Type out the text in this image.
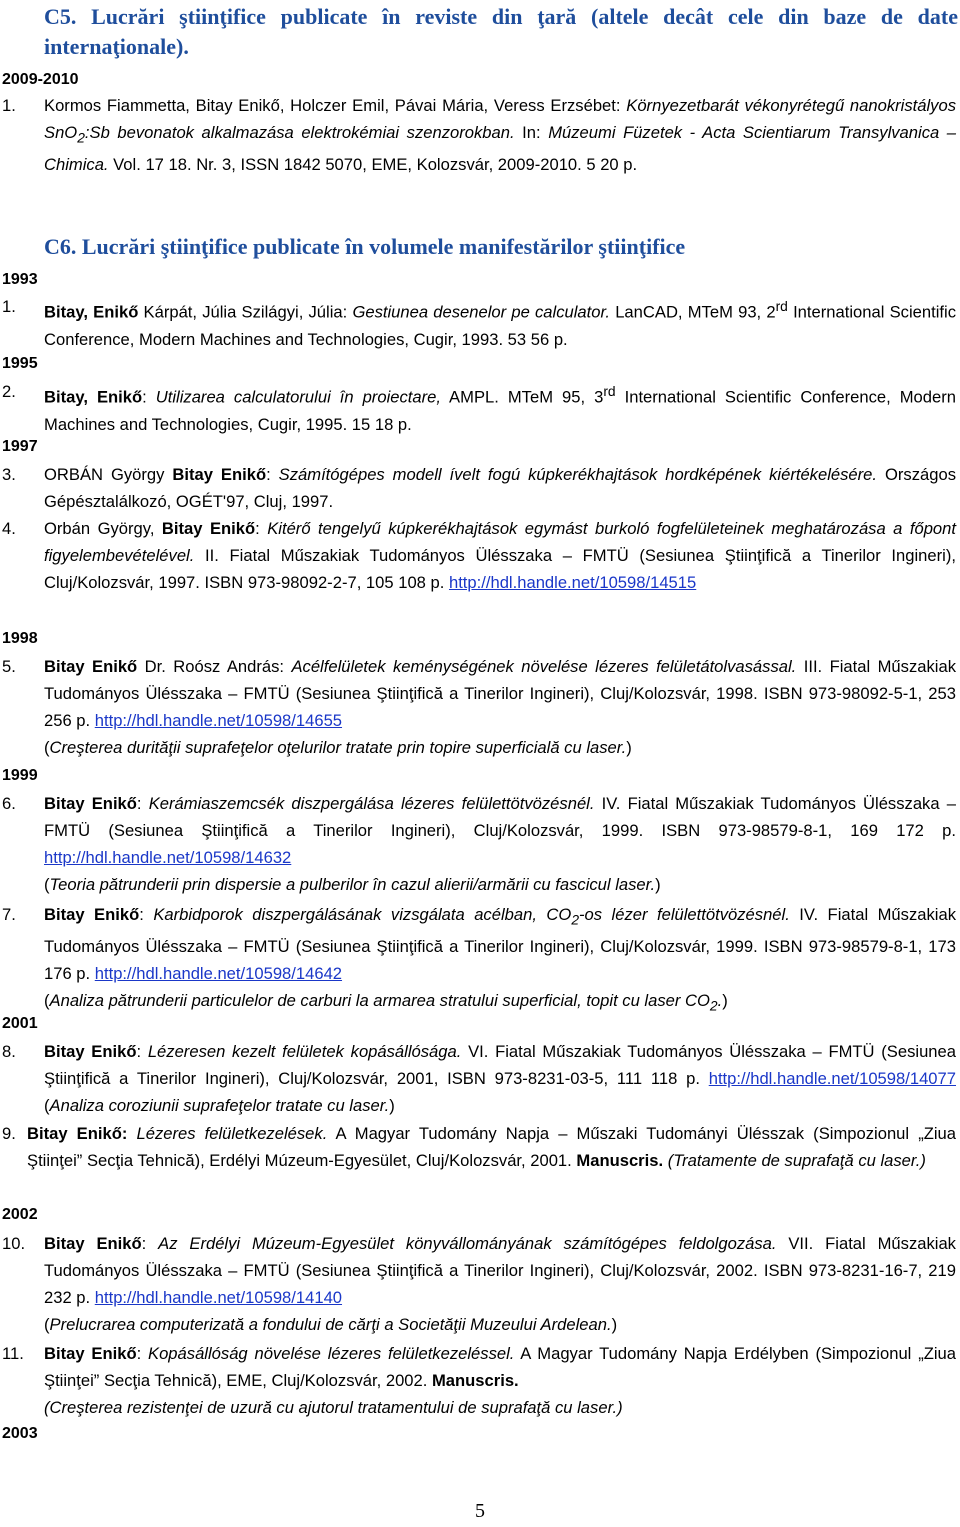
C5. Lucrări ştiinţifice publicate în reviste din ţară (altele decât cele din baze de date internaţionale).

2009-2010

1. Kormos Fiammetta, Bitay Enikő, Holczer Emil, Pávai Mária, Veress Erzsébet: Környezetbarát vékonyrétegű nanokristályos SnO$_2$:Sb bevonatok alkalmazása elektrokémiai szenzorokban. In: Múzeumi Füzetek - Acta Scientiarum Transylvanica – Chimica. Vol. 17 18. Nr. 3, ISSN 1842 5070, EME, Kolozsvár, 2009-2010. 5 20 p.
C6. Lucrări ştiinţifice publicate în volumele manifestărilor ştiinţifice

1993

1. Bitay, Enikő Kárpát, Júlia Szilágyi, Júlia: Gestiunea desenelor pe calculator. LanCAD, MTeM 93, 2rd International Scientific Conference, Modern Machines and Technologies, Cugir, 1993. 53 56 p.

1995

2. Bitay, Enikő: Utilizarea calculatorului în proiectare, AMPL. MTeM 95, 3rd International Scientific Conference, Modern Machines and Technologies, Cugir, 1995. 15 18 p.

1997

3. ORBÁN György Bitay Enikő: Számítógépes modell ívelt fogú kúpkerékhajtások hordképének kiértékelésére. Országos Gépésztalálkozó, OGÉT'97, Cluj, 1997.
4. Orbán György, Bitay Enikő: Kitérő tengelyű kúpkerékhajtások egymást burkoló fogfelületeinek meghatározása a főpont figyelembevételével. II. Fiatal Műszakiak Tudományos Ülésszaka – FMTÜ (Sesiunea Ştiinţifică a Tinerilor Ingineri), Cluj/Kolozsvár, 1997. ISBN 973-98092-2-7, 105 108 p. http://hdl.handle.net/10598/14515

1998

5. Bitay Enikő Dr. Roósz András: Acélfelületek keménységének növelése lézeres felületátolvasással. III. Fiatal Műszakiak Tudományos Ülésszaka – FMTÜ (Sesiunea Ştiinţifică a Tinerilor Ingineri), Cluj/Kolozsvár, 1998. ISBN 973-98092-5-1, 253 256 p. http://hdl.handle.net/10598/14655
(Creşterea durităţii suprafeţelor oţelurilor tratate prin topire superficială cu laser.)

1999

6. Bitay Enikő: Kerámiaszemcsék diszpergálása lézeres felülettötvözésnél. IV. Fiatal Műszakiak Tudományos Ülésszaka – FMTÜ (Sesiunea Ştiinţifică a Tinerilor Ingineri), Cluj/Kolozsvár, 1999. ISBN 973-98579-8-1, 169 172 p. http://hdl.handle.net/10598/14632
(Teoria pătrunderii prin dispersie a pulberilor în cazul alierii/armării cu fascicul laser.)
7. Bitay Enikő: Karbidporok diszpergálásának vizsgálata acélban, $CO_2-os$ lézer felülettötvözésnél. IV. Fiatal Műszakiak Tudományos Ülésszaka – FMTÜ (Sesiunea Ştiinţifică a Tinerilor Ingineri), Cluj/Kolozsvár, 1999. ISBN 973-98579-8-1, 173 176 p. http://hdl.handle.net/10598/14642
(Analiza pătrunderii particulelor de carburi la armarea stratului superficial, topit cu laser $CO_2$.)

2001

8. Bitay Enikő: Lézeresen kezelt felületek kopásállósága. VI. Fiatal Műszakiak Tudományos Ülésszaka – FMTÜ (Sesiunea Ştiinţifică a Tinerilor Ingineri), Cluj/Kolozsvár, 2001, ISBN 973-8231-03-5, 111 118 p. http://hdl.handle.net/10598/14077 (Analiza coroziunii suprafeţelor tratate cu laser.)
9. Bitay Enikő: Lézeres felületkezelések. A Magyar Tudomány Napja – Műszaki Tudományi Ülésszak (Simpozionul „Ziua Ştiinţei” Secţia Tehnică), Erdélyi Múzeum-Egyesület, Cluj/Kolozsvár, 2001. Manuscris. (Tratamente de suprafaţă cu laser.)

2002

10. Bitay Enikő: Az Erdélyi Múzeum-Egyesület könyvállományának számítógépes feldolgozása. VII. Fiatal Műszakiak Tudományos Ülésszaka – FMTÜ (Sesiunea Ştiinţifică a Tinerilor Ingineri), Cluj/Kolozsvár, 2002. ISBN 973-8231-16-7, 219 232 p. http://hdl.handle.net/10598/14140
(Prelucrarea computerizată a fondului de cărţi a Societăţii Muzeului Ardelean.)
11. Bitay Enikő: Kopásállóság növelése lézeres felületkezeléssel. A Magyar Tudomány Napja Erdélyben (Simpozionul „Ziua Ştiinţei” Secţia Tehnică), EME, Cluj/Kolozsvár, 2002. Manuscris.
(Creşterea rezistenţei de uzură cu ajutorul tratamentului de suprafaţă cu laser.)

2003

5
